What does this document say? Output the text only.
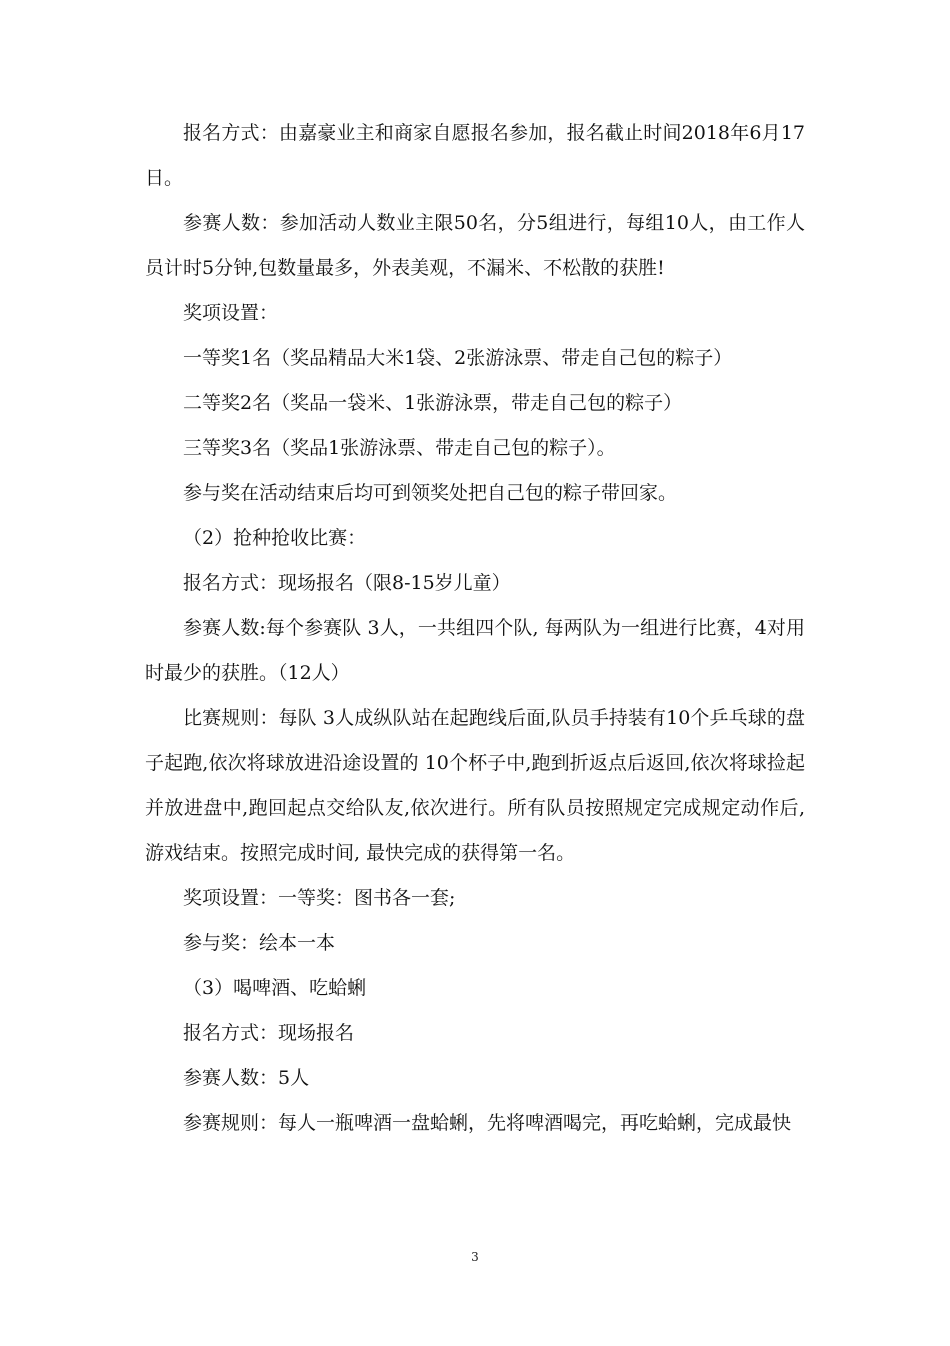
报名方式：由嘉豪业主和商家自愿报名参加，报名截止时间2018年6月17日。

参赛人数：参加活动人数业主限50名，分5组进行，每组10人，由工作人员计时5分钟,包数量最多，外表美观，不漏米、不松散的获胜!

奖项设置：

一等奖1名（奖品精品大米1袋、2张游泳票、带走自己包的粽子）

二等奖2名（奖品一袋米、1张游泳票，带走自己包的粽子）

三等奖3名（奖品1张游泳票、带走自己包的粽子）。

参与奖在活动结束后均可到领奖处把自己包的粽子带回家。

（2）抢种抢收比赛：

报名方式：现场报名（限8-15岁儿童）

参赛人数:每个参赛队 3人，一共组四个队, 每两队为一组进行比赛，4对用时最少的获胜。（12人）

比赛规则：每队 3人成纵队站在起跑线后面,队员手持装有10个乒乓球的盘子起跑,依次将球放进沿途设置的 10个杯子中,跑到折返点后返回,依次将球捡起并放进盘中,跑回起点交给队友,依次进行。所有队员按照规定完成规定动作后,游戏结束。按照完成时间, 最快完成的获得第一名。

奖项设置：一等奖：图书各一套;

参与奖：绘本一本

（3）喝啤酒、吃蛤蜊

报名方式：现场报名

参赛人数：5人

参赛规则：每人一瓶啤酒一盘蛤蜊，先将啤酒喝完，再吃蛤蜊，完成最快

3
